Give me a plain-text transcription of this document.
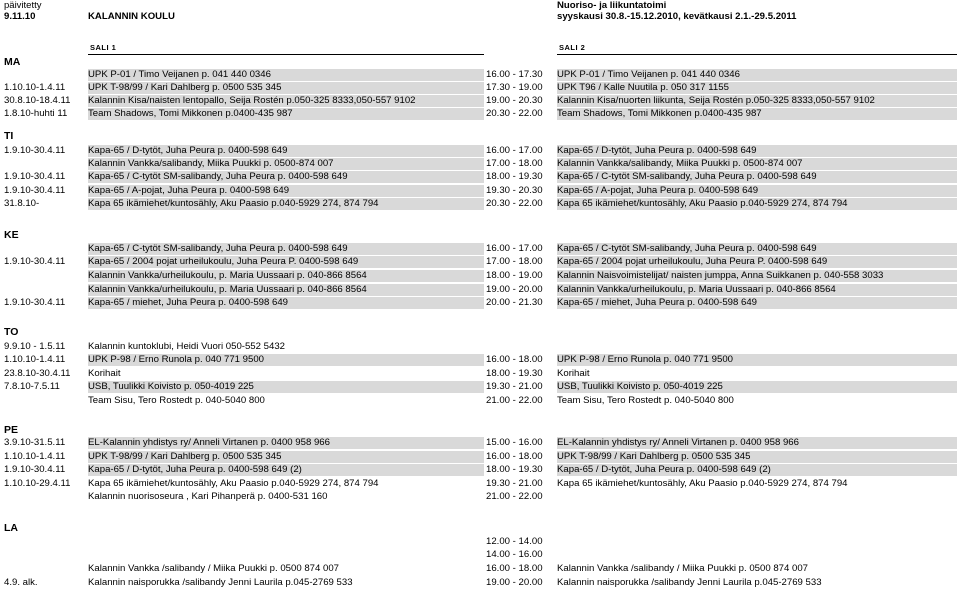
päivitetty
9.11.10	KALANNIN KOULU
Nuoriso- ja liikuntatoimi
syyskausi 30.8.-15.12.2010, kevätkausi 2.1.-29.5.2011
SALI 1	SALI 2
MA
UPK P-01 / Timo Veijanen p. 041 440 0346	16.00 - 17.30	UPK P-01 / Timo Veijanen p. 041 440 0346
1.10.10-1.4.11	UPK T-98/99 / Kari Dahlberg p. 0500 535 345	17.30 - 19.00	UPK T96 / Kalle Nuutila p. 050 317 1155
30.8.10-18.4.11	Kalannin Kisa/naisten lentopallo, Seija Rostén p.050-325 8333,050-557 9102	19.00 - 20.30	Kalannin Kisa/nuorten liikunta, Seija Rostén p.050-325 8333,050-557 9102
1.8.10-huhti 11	Team Shadows, Tomi Mikkonen p.0400-435 987	20.30 - 22.00	Team Shadows, Tomi Mikkonen p.0400-435 987
TI
1.9.10-30.4.11	Kapa-65 / D-tytöt, Juha Peura p. 0400-598 649	16.00 - 17.00	Kapa-65 / D-tytöt, Juha Peura p. 0400-598 649
Kalannin Vankka/salibandy, Miika Puukki p. 0500-874 007	17.00 - 18.00	Kalannin Vankka/salibandy, Miika Puukki p. 0500-874 007
1.9.10-30.4.11	Kapa-65 / C-tytöt SM-salibandy, Juha Peura p. 0400-598 649	18.00 - 19.30	Kapa-65 / C-tytöt SM-salibandy, Juha Peura p. 0400-598 649
1.9.10-30.4.11	Kapa-65 / A-pojat, Juha Peura p. 0400-598 649	19.30 - 20.30	Kapa-65 / A-pojat, Juha Peura p. 0400-598 649
31.8.10-	Kapa 65 ikämiehet/kuntosähly, Aku Paasio p.040-5929 274, 874 794	20.30 - 22.00	Kapa 65 ikämiehet/kuntosähly, Aku Paasio p.040-5929 274, 874 794
KE
Kapa-65 / C-tytöt SM-salibandy, Juha Peura p. 0400-598 649	16.00 - 17.00	Kapa-65 / C-tytöt SM-salibandy, Juha Peura p. 0400-598 649
1.9.10-30.4.11	Kapa-65 / 2004 pojat urheilukoulu, Juha Peura P. 0400-598 649	17.00 - 18.00	Kapa-65 / 2004 pojat urheilukoulu, Juha Peura P. 0400-598 649
Kalannin Vankka/urheilukoulu, p. Maria Uussaari p. 040-866 8564	18.00 - 19.00	Kalannin Naisvoimistelijat/ naisten jumppa, Anna Suikkanen p. 040-558 3033
Kalannin Vankka/urheilukoulu, p. Maria Uussaari p. 040-866 8564	19.00 - 20.00	Kalannin Vankka/urheilukoulu, p. Maria Uussaari p. 040-866 8564
1.9.10-30.4.11	Kapa-65 / miehet, Juha Peura p. 0400-598 649	20.00 - 21.30	Kapa-65 / miehet, Juha Peura p. 0400-598 649
TO
9.9.10 - 1.5.11	Kalannin kuntoklubi, Heidi Vuori 050-552 5432
1.10.10-1.4.11	UPK P-98 / Erno Runola p. 040 771 9500	16.00 - 18.00	UPK P-98 / Erno Runola p. 040 771 9500
23.8.10-30.4.11	Korihait	18.00 - 19.30	Korihait
7.8.10-7.5.11	USB, Tuulikki Koivisto p. 050-4019 225	19.30 - 21.00	USB, Tuulikki Koivisto p. 050-4019 225
Team Sisu, Tero Rostedt p. 040-5040 800	21.00 - 22.00	Team Sisu, Tero Rostedt p. 040-5040 800
PE
3.9.10-31.5.11	EL-Kalannin yhdistys ry/ Anneli Virtanen p. 0400 958 966	15.00 - 16.00	EL-Kalannin yhdistys ry/ Anneli Virtanen p. 0400 958 966
1.10.10-1.4.11	UPK T-98/99 / Kari Dahlberg p. 0500 535 345	16.00 - 18.00	UPK T-98/99 / Kari Dahlberg p. 0500 535 345
1.9.10-30.4.11	Kapa-65 / D-tytöt, Juha Peura p. 0400-598 649 (2)	18.00 - 19.30	Kapa-65 / D-tytöt, Juha Peura p. 0400-598 649 (2)
1.10.10-29.4.11	Kapa 65 ikämiehet/kuntosähly, Aku Paasio p.040-5929 274, 874 794	19.30 - 21.00	Kapa 65 ikämiehet/kuntosähly, Aku Paasio p.040-5929 274, 874 794
Kalannin nuorisoseura , Kari Pihanperä p. 0400-531 160	21.00 - 22.00
LA
12.00 - 14.00
14.00 - 16.00
Kalannin Vankka /salibandy / Miika Puukki p. 0500 874 007	16.00 - 18.00	Kalannin Vankka /salibandy / Miika Puukki p. 0500 874 007
4.9. alk.	Kalannin naisporukka /salibandy Jenni Laurila p.045-2769 533	19.00 - 20.00	Kalannin naisporukka /salibandy Jenni Laurila p.045-2769 533
